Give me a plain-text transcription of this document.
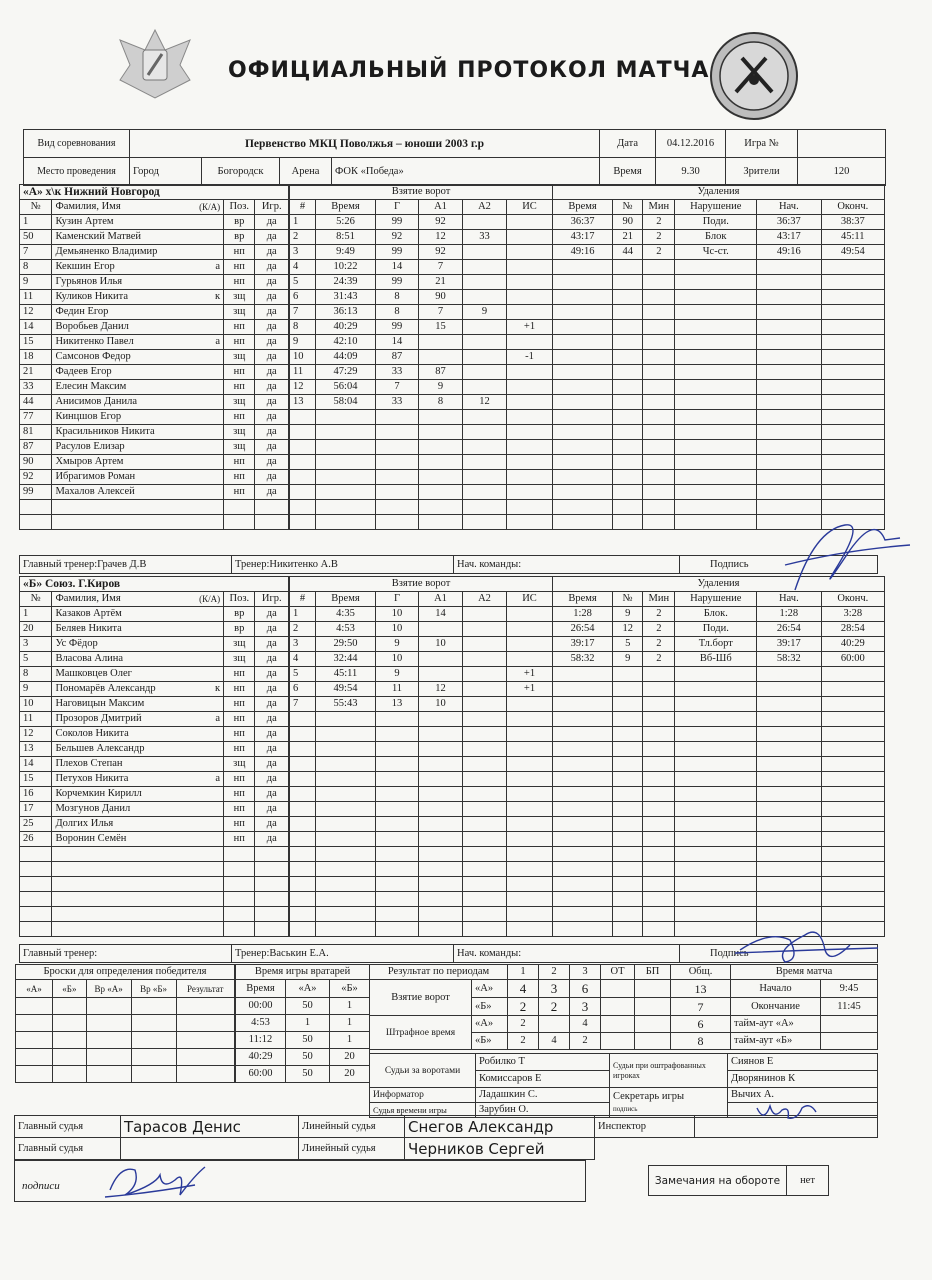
ОФИЦИАЛЬНЫЙ ПРОТОКОЛ МАТЧА
Вид соревнования	Первенство МКЦ Поволжья – юноши 2003 г.р				Дата	04.12.2016	Игра №	
Место проведения	Город	Богородск	Арена	ФОК «Победа»	Время	9.30	Зрители	120
«А» х\к Нижний Новгород			
№	Фамилия, Имя (К/А)	Поз.	Игр.
1	Кузин Артем	вр	да
50	Каменский Матвей	вр	да
7	Демьяненко Владимир	нп	да
8	Кекшин Егор а	нп	да
9	Гурьянов Илья	нп	да
11	Куликов Никита к	зщ	да
12	Федин Егор	зщ	да
14	Воробьев Данил	нп	да
15	Никитенко Павел а	нп	да
18	Самсонов Федор	зщ	да
21	Фадеев Егор	нп	да
33	Елесин Максим	нп	да
44	Анисимов Данила	зщ	да
77	Кинцшов Егор	нп	да
81	Красильников Никита	зщ	да
87	Расулов Елизар	зщ	да
90	Хмыров Артем	нп	да
92	Ибрагимов Роман	нп	да
99	Махалов Алексей	нп	да

Взятие ворот					
#	Время	Г	А1	А2	ИС
1	5:26	99	92		
2	8:51	92	12	33	
3	9:49	99	92		
4	10:22	14	7		
5	24:39	99	21		
6	31:43	8	90		
7	36:13	8	7	9	
8	40:29	99	15		+1
9	42:10	14			
10	44:09	87			-1
11	47:29	33	87		
12	56:04	7	9		
13	58:04	33	8	12	

Удаления					
Время	№	Мин	Нарушение	Нач.	Оконч.
36:37	90	2	Поди.	36:37	38:37
43:17	21	2	Блок	43:17	45:11
49:16	44	2	Чс-ст.	49:16	49:54

Главный тренер:Грачев Д.В	Тренер:Никитенко А.В	Нач. команды:	Подпись
«Б» Союз. Г.Киров			
№	Фамилия, Имя (К/А)	Поз.	Игр.
1	Казаков Артём	вр	да
20	Беляев Никита	вр	да
3	Ус Фёдор	зщ	да
5	Власова Алина	зщ	да
8	Машковцев Олег	нп	да
9	Пономарёв Александр к	нп	да
10	Наговицын Максим	нп	да
11	Прозоров Дмитрий а	нп	да
12	Соколов Никита	нп	да
13	Бельшев Александр	нп	да
14	Плехов Степан	зщ	да
15	Петухов Никита а	нп	да
16	Корчемкин Кирилл	нп	да
17	Мозгунов Данил	нп	да
25	Долгих Илья	нп	да
26	Воронин Семён	нп	да

Взятие ворот					
#	Время	Г	А1	А2	ИС
1	4:35	10	14		
2	4:53	10			
3	29:50	9	10		
4	32:44	10			
5	45:11	9			+1
6	49:54	11	12		+1
7	55:43	13	10		

Удаления					
Время	№	Мин	Нарушение	Нач.	Оконч.
1:28	9	2	Блок.	1:28	3:28
26:54	12	2	Поди.	26:54	28:54
39:17	5	2	Тл.борт	39:17	40:29
58:32	9	2	Вб-Шб	58:32	60:00

Главный тренер:	Тренер:Васькин Е.А.	Нач. команды:	Подпись
Броски для определения победителя				
«А»	«Б»	Вр «А»	Вр «Б»	Результат

Время игры вратарей		
Время	«А»	«Б»
00:00	50	1
4:53	1	1
11:12	50	1
40:29	50	20
60:00	50	20
Результат по периодам		1	2	3	ОТ	БП	Общ.
Взятие ворот	«А»	4	3	6			13
	«Б»	2	2	3			7
Штрафное время	«А»	2		4			6
	«Б»	2	4	2			8
Время матча	
Начало	9:45
Окончание	11:45
тайм-аут «А»	
тайм-аут «Б»	
Судьи за воротами	Робилко Т	Судьи при оштрафованных игроках	Сиянов Е
	Комиссаров Е		Дворянинов К
Информатор	Ладашкин С.	Секретарь игры
подпись	Вычих А.
Судья времени игры	Зарубин О.		
Главный судья	Тарасов Денис	Линейный судья	Снегов Александр	Инспектор	
Главный судья		Линейный судья	Черников Сергей		
подписи	Замечания на обороте	нет
